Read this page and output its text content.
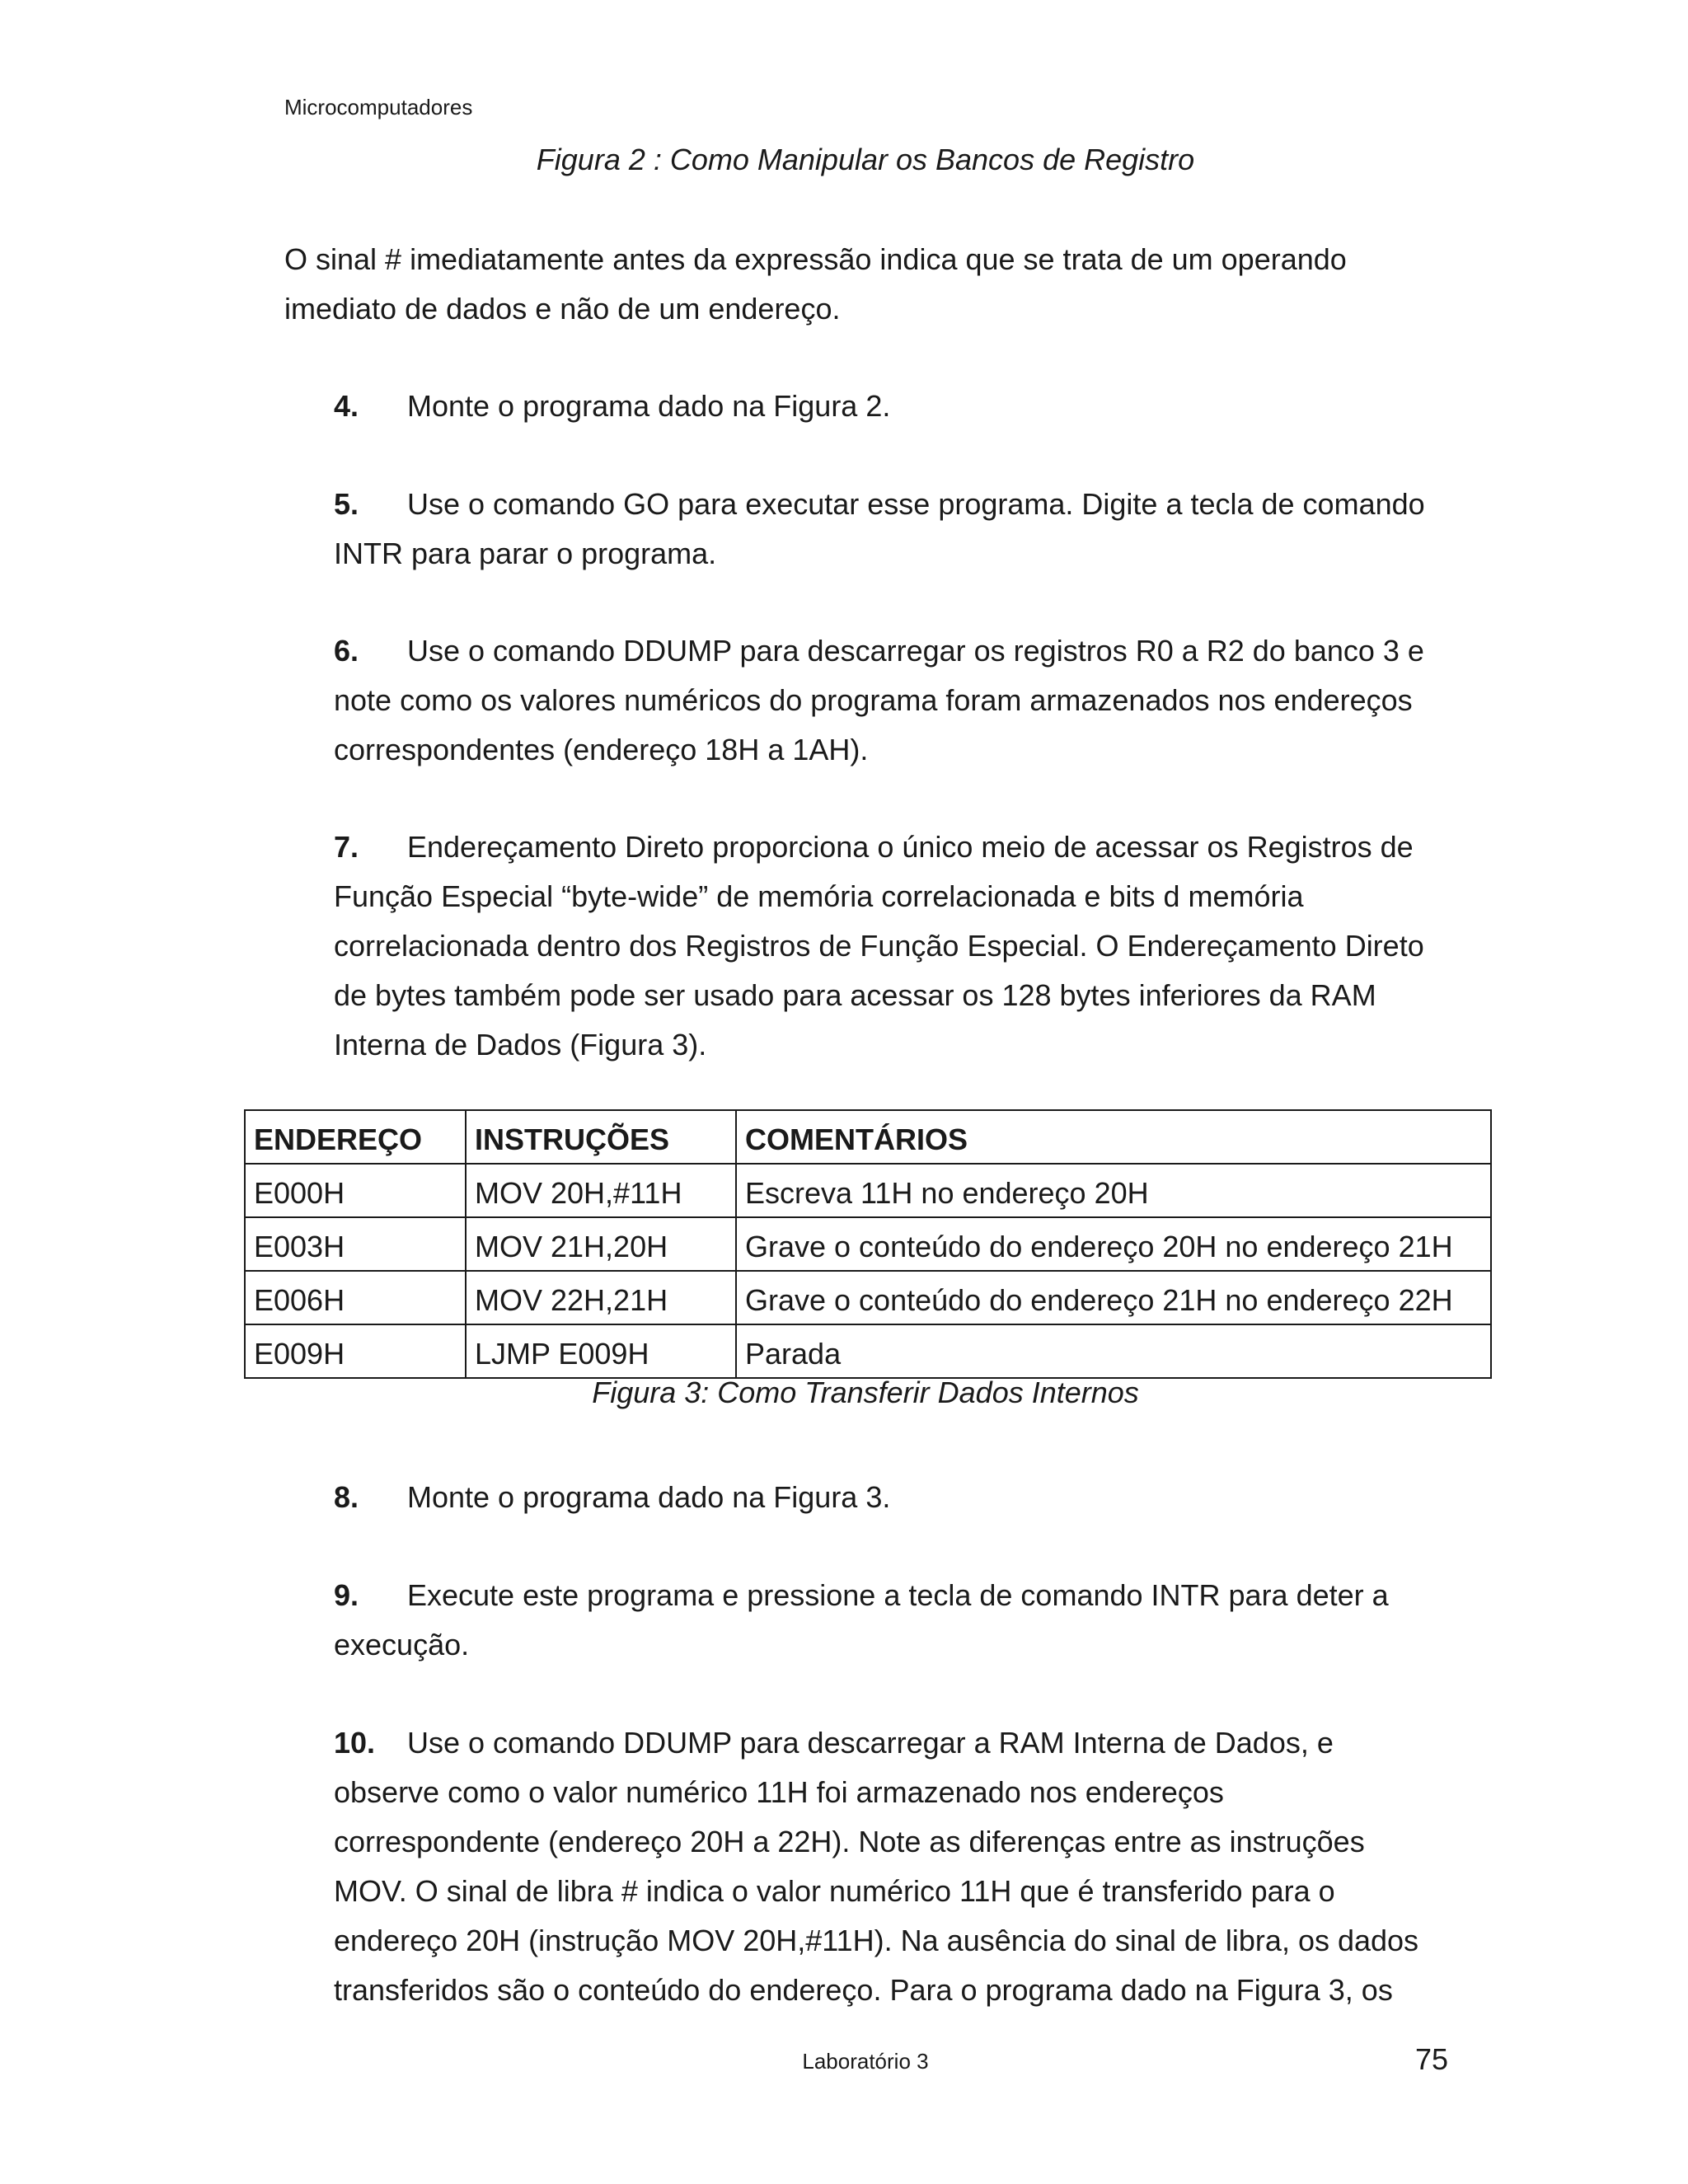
Microcomputadores
Figura 2 : Como Manipular os Bancos de Registro
O sinal # imediatamente antes da expressão indica que se trata de um operando
imediato de dados e não de um endereço.
4. Monte o programa dado na Figura 2.
5. Use o comando GO para executar esse programa. Digite a tecla de comando
INTR para parar o programa.
6. Use o comando DDUMP para descarregar os registros R0 a R2 do banco 3 e
note como os valores numéricos do programa foram armazenados nos endereços
correspondentes (endereço 18H a 1AH).
7. Endereçamento Direto proporciona o único meio de acessar os Registros de
Função Especial “byte-wide” de memória correlacionada e bits d memória
correlacionada dentro dos Registros de Função Especial. O Endereçamento Direto
de bytes também pode ser usado para acessar os 128 bytes inferiores da RAM
Interna de Dados (Figura 3).
ENDEREÇO	INSTRUÇÕES	COMENTÁRIOS
E000H	MOV 20H,#11H	Escreva 11H no endereço 20H
E003H	MOV 21H,20H	Grave o conteúdo do endereço 20H no endereço 21H
E006H	MOV 22H,21H	Grave o conteúdo do endereço 21H no endereço 22H
E009H	LJMP E009H	Parada
Figura 3: Como Transferir Dados Internos
8. Monte o programa dado na Figura 3.
9. Execute este programa e pressione a tecla de comando INTR para deter a
execução.
10. Use o comando DDUMP para descarregar a RAM Interna de Dados, e
observe como o valor numérico 11H foi armazenado nos endereços
correspondente (endereço 20H a 22H). Note as diferenças entre as instruções
MOV. O sinal de libra # indica o valor numérico 11H que é transferido para o
endereço 20H (instrução MOV 20H,#11H). Na ausência do sinal de libra, os dados
transferidos são o conteúdo do endereço. Para o programa dado na Figura 3, os
Laboratório 3	75
